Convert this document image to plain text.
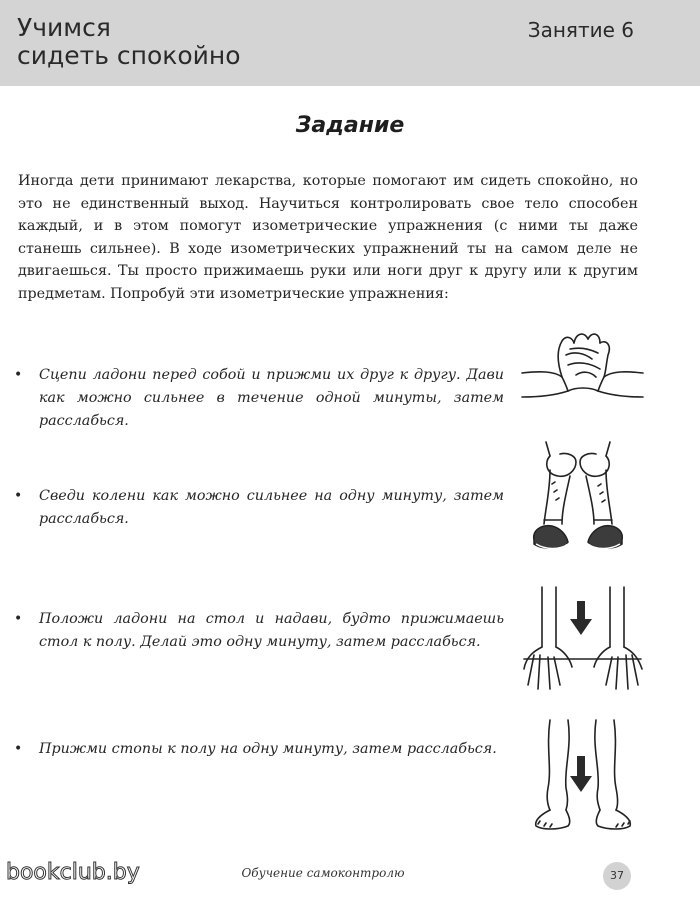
Учимся
сидеть спокойно
Занятие 6
Задание
Иногда дети принимают лекарства, которые помогают им сидеть спокойно, но это не единственный выход. Научиться контролировать свое тело способен каждый, и в этом помогут изометрические упражнения (с ними ты даже станешь сильнее). В ходе изометрических упражнений ты на самом деле не двигаешься. Ты просто прижимаешь руки или ноги друг к другу или к другим предметам. Попробуй эти изометрические упражнения:
• Сцепи ладони перед собой и прижми их друг к другу. Дави как можно сильнее в течение одной минуты, затем расслабься.
• Сведи колени как можно сильнее на одну минуту, затем расслабься.
• Положи ладони на стол и надави, будто прижимаешь стол к полу. Делай это одну минуту, затем расслабься.
• Прижми стопы к полу на одну минуту, затем расслабься.
Обучение самоконтролю	37
bookclub.by
